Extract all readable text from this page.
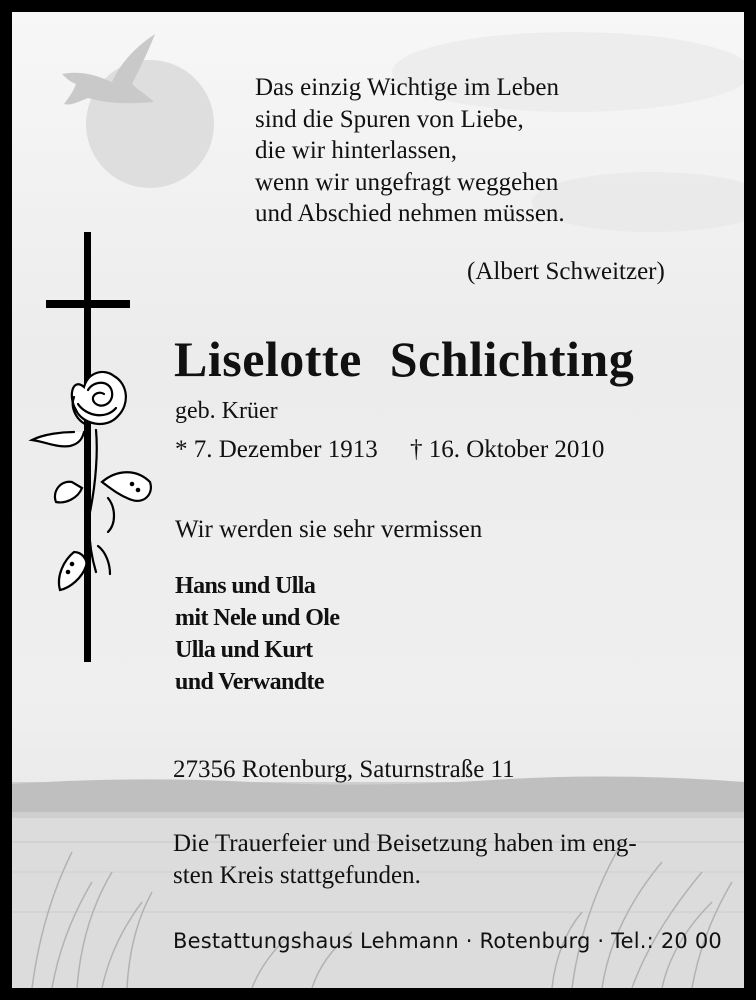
Das einzig Wichtige im Leben
sind die Spuren von Liebe,
die wir hinterlassen,
wenn wir ungefragt weggehen
und Abschied nehmen müssen.
(Albert Schweitzer)
Liselotte Schlichting
geb. Krüer
* 7. Dezember 1913 † 16. Oktober 2010
Wir werden sie sehr vermissen
Hans und Ulla
mit Nele und Ole
Ulla und Kurt
und Verwandte
27356 Rotenburg, Saturnstraße 11
Die Trauerfeier und Beisetzung haben im eng-
sten Kreis stattgefunden.
Bestattungshaus Lehmann · Rotenburg · Tel.: 20 00
